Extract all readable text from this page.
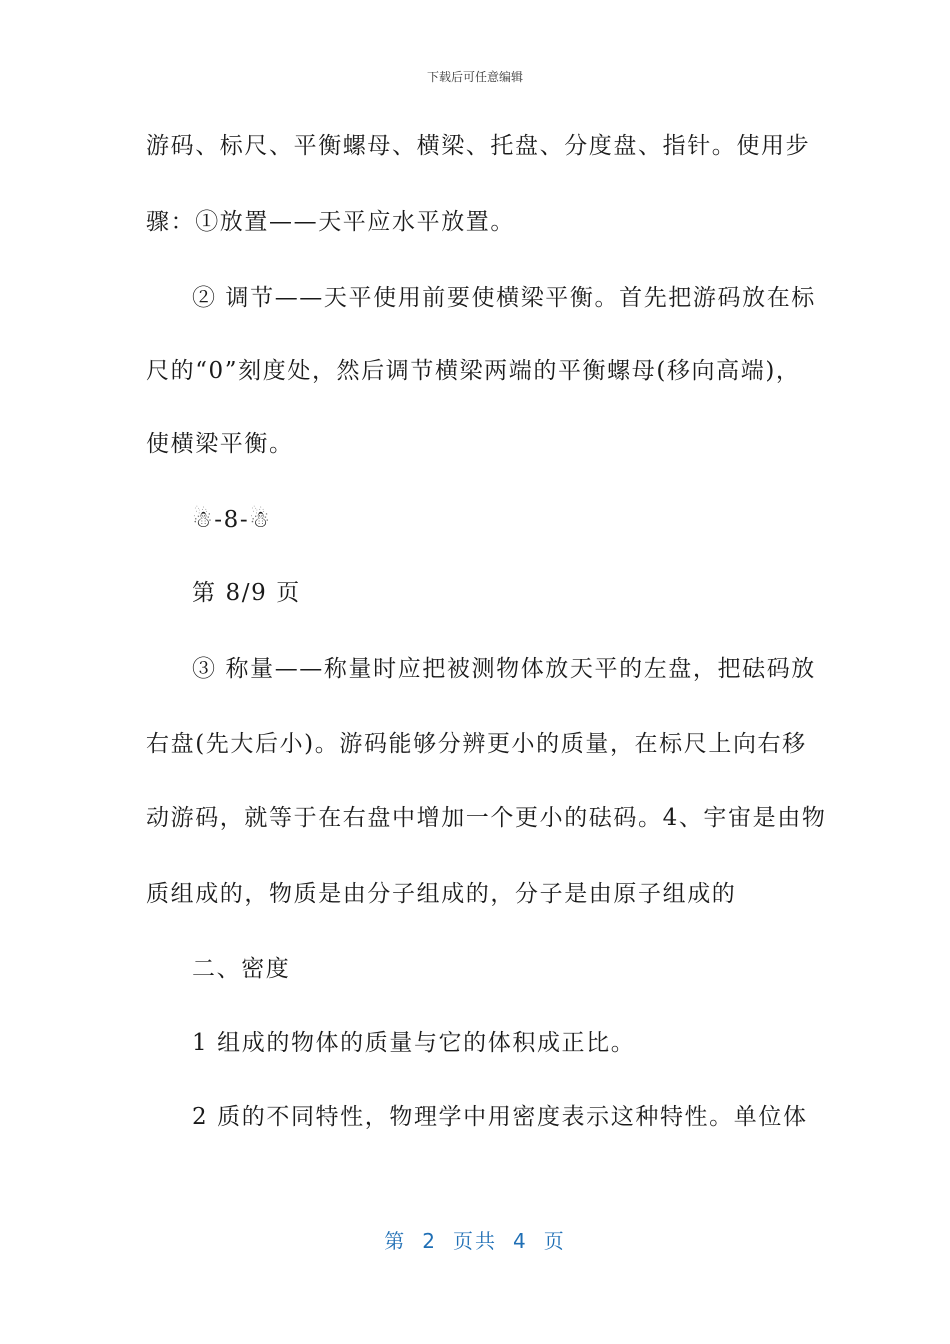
下载后可任意编辑
游码、标尺、平衡螺母、横梁、托盘、分度盘、指针。使用步
骤：①放置——天平应水平放置。
② 调节——天平使用前要使横梁平衡。首先把游码放在标
尺的“0”刻度处，然后调节横梁两端的平衡螺母(移向高端)，
使横梁平衡。
☃-8-☃
第 8/9 页
③ 称量——称量时应把被测物体放天平的左盘，把砝码放
右盘(先大后小)。游码能够分辨更小的质量，在标尺上向右移
动游码，就等于在右盘中增加一个更小的砝码。4、宇宙是由物
质组成的，物质是由分子组成的，分子是由原子组成的
二、密度
1 组成的物体的质量与它的体积成正比。
2 质的不同特性，物理学中用密度表示这种特性。单位体
第 2 页共 4 页
